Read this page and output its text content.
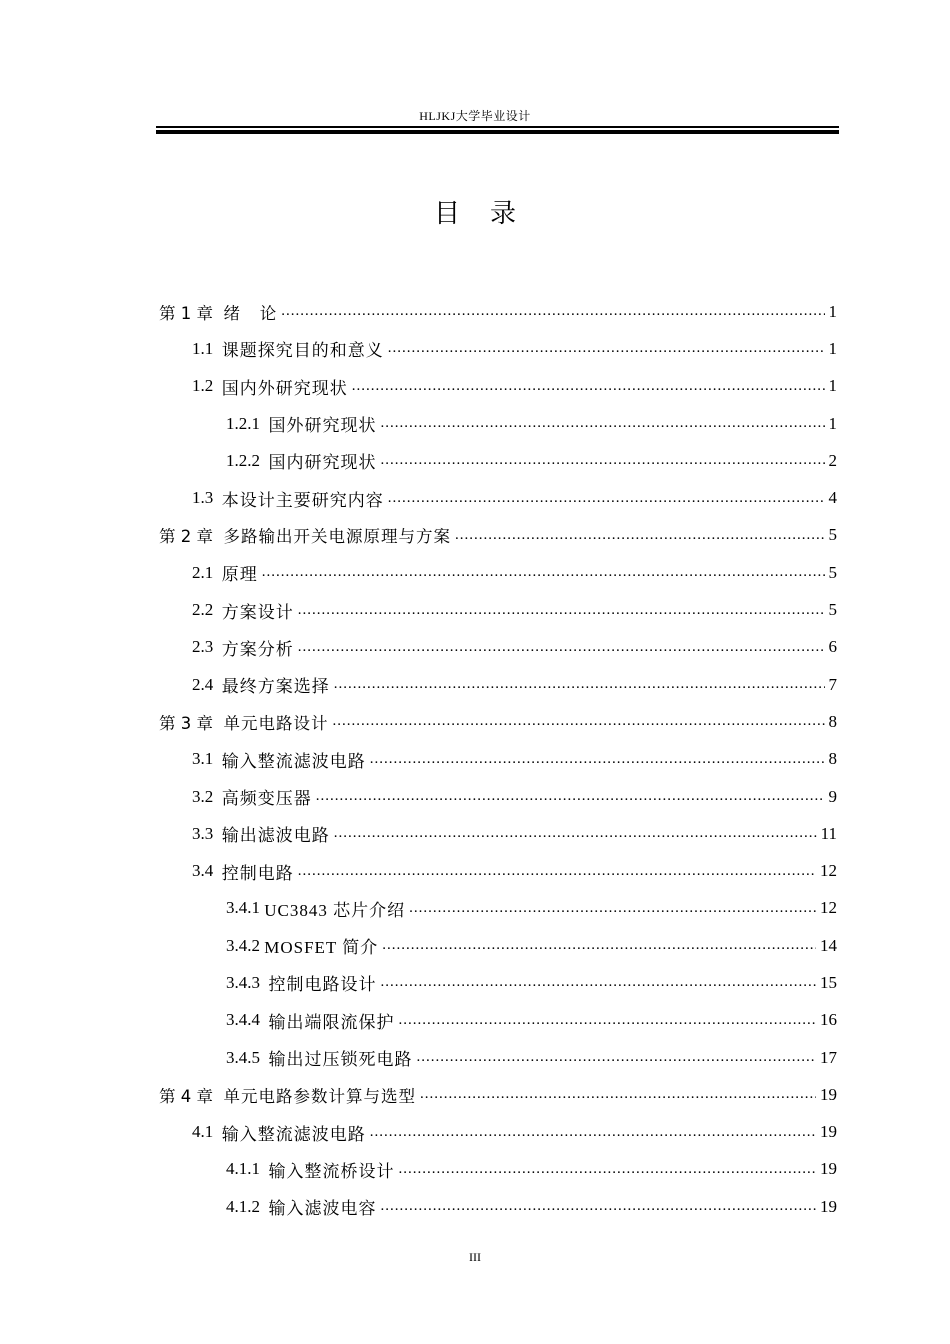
HLJKJ大学毕业设计
目录
第 1 章 绪   论 .....	1
1.1 课题探究目的和意义 .....	1
1.2 国内外研究现状 .....	1
1.2.1 国外研究现状 .....	1
1.2.2 国内研究现状 .....	2
1.3 本设计主要研究内容 .....	4
第 2 章 多路输出开关电源原理与方案 .....	5
2.1 原理 .....	5
2.2 方案设计 .....	5
2.3 方案分析 .....	6
2.4 最终方案选择 .....	7
第 3 章 单元电路设计 .....	8
3.1 输入整流滤波电路 .....	8
3.2 高频变压器 .....	9
3.3 输出滤波电路 .....	11
3.4 控制电路 .....	12
3.4.1 UC3843 芯片介绍 .....	12
3.4.2 MOSFET 简介 .....	14
3.4.3 控制电路设计 .....	15
3.4.4 输出端限流保护 .....	16
3.4.5 输出过压锁死电路 .....	17
第 4 章 单元电路参数计算与选型 .....	19
4.1 输入整流滤波电路 .....	19
4.1.1 输入整流桥设计 .....	19
4.1.2 输入滤波电容 .....	19
III
